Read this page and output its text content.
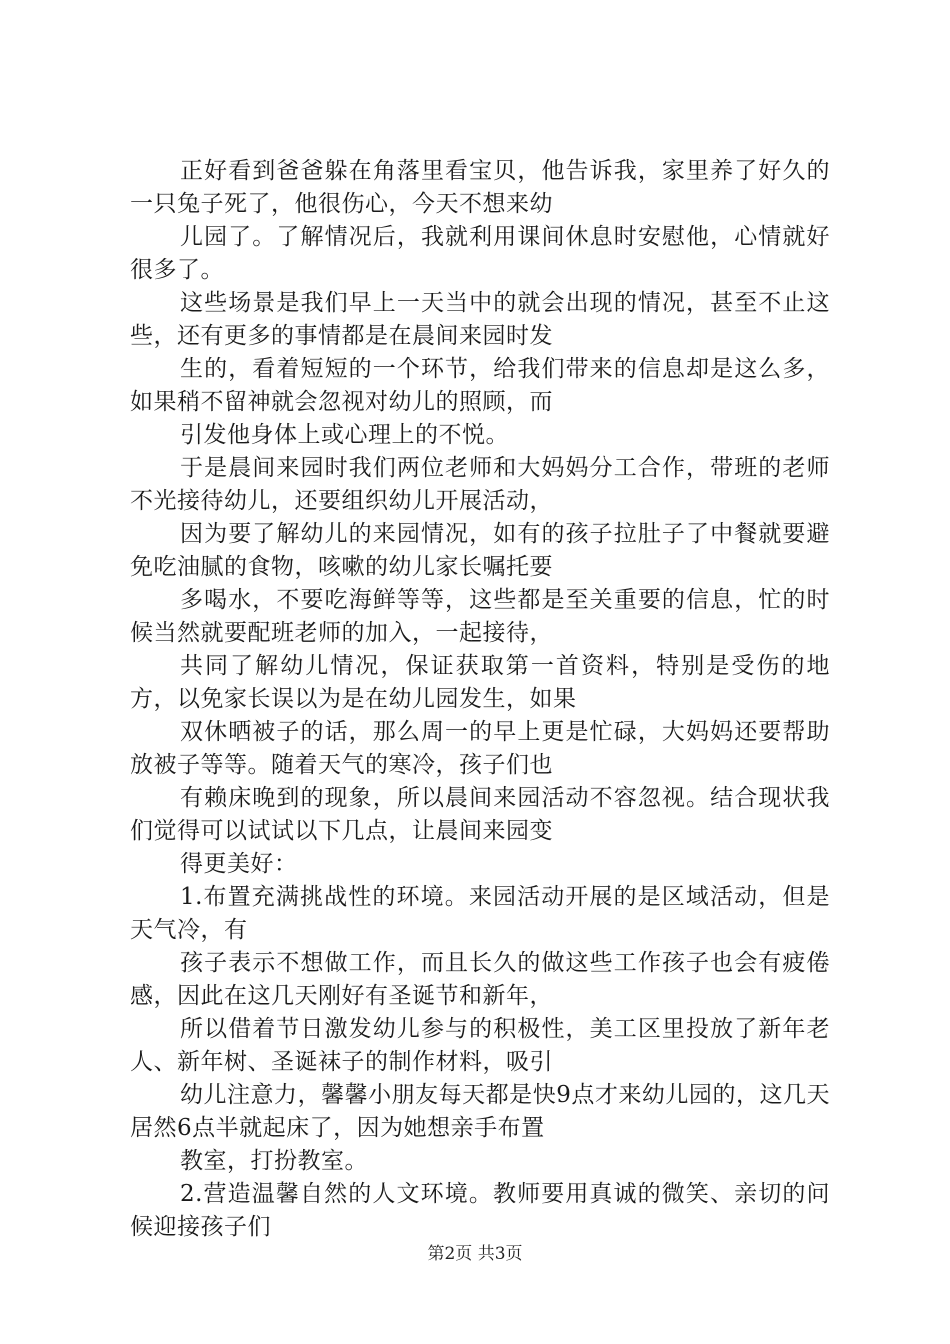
正好看到爸爸躲在角落里看宝贝，他告诉我，家里养了好久的一只兔子死了，他很伤心，今天不想来幼

儿园了。了解情况后，我就利用课间休息时安慰他，心情就好很多了。

这些场景是我们早上一天当中的就会出现的情况，甚至不止这些，还有更多的事情都是在晨间来园时发

生的，看着短短的一个环节，给我们带来的信息却是这么多，如果稍不留神就会忽视对幼儿的照顾，而

引发他身体上或心理上的不悦。

于是晨间来园时我们两位老师和大妈妈分工合作，带班的老师不光接待幼儿，还要组织幼儿开展活动，

因为要了解幼儿的来园情况，如有的孩子拉肚子了中餐就要避免吃油腻的食物，咳嗽的幼儿家长嘱托要

多喝水，不要吃海鲜等等，这些都是至关重要的信息，忙的时候当然就要配班老师的加入，一起接待，

共同了解幼儿情况，保证获取第一首资料，特别是受伤的地方，以免家长误以为是在幼儿园发生，如果

双休晒被子的话，那么周一的早上更是忙碌，大妈妈还要帮助放被子等等。随着天气的寒冷，孩子们也

有赖床晚到的现象，所以晨间来园活动不容忽视。结合现状我们觉得可以试试以下几点，让晨间来园变

得更美好：

1.布置充满挑战性的环境。来园活动开展的是区域活动，但是天气冷，有

孩子表示不想做工作，而且长久的做这些工作孩子也会有疲倦感，因此在这几天刚好有圣诞节和新年，

所以借着节日激发幼儿参与的积极性，美工区里投放了新年老人、新年树、圣诞袜子的制作材料，吸引

幼儿注意力，馨馨小朋友每天都是快9点才来幼儿园的，这几天居然6点半就起床了，因为她想亲手布置

教室，打扮教室。

2.营造温馨自然的人文环境。教师要用真诚的微笑、亲切的问候迎接孩子们

第2页 共3页
